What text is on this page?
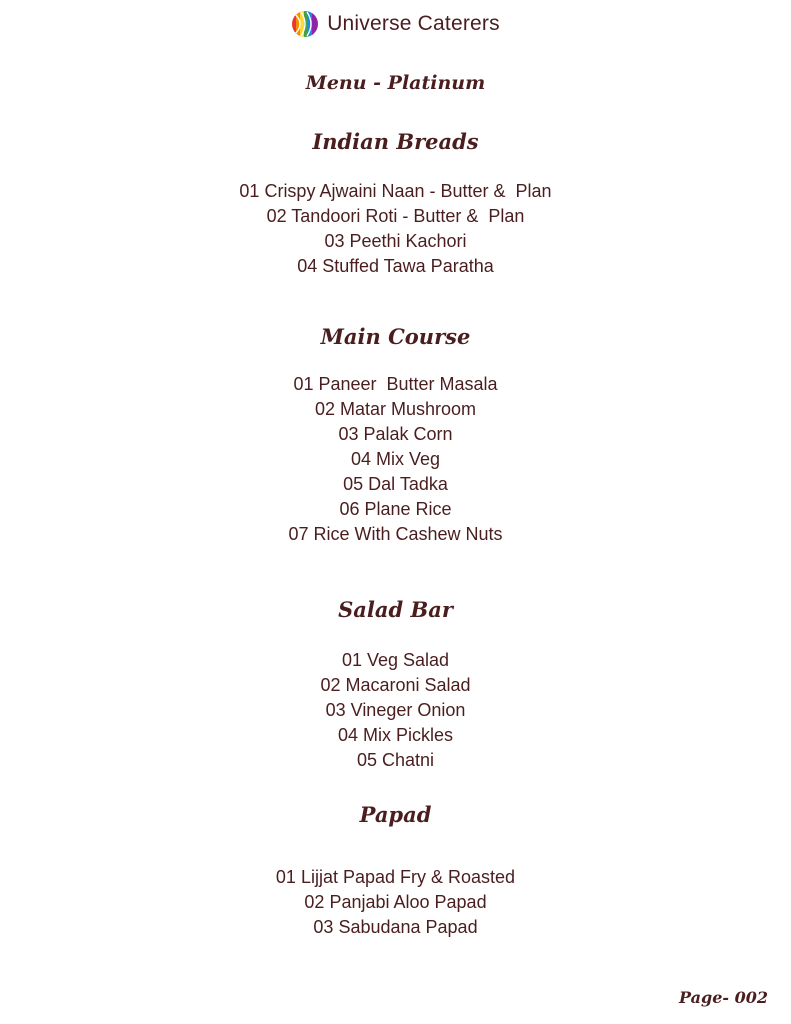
Universe Caterers
Menu - Platinum
Indian Breads
01 Crispy Ajwaini Naan - Butter &  Plan
02 Tandoori Roti - Butter &  Plan
03 Peethi Kachori
04 Stuffed Tawa Paratha
Main Course
01 Paneer  Butter Masala
02 Matar Mushroom
03 Palak Corn
04 Mix Veg
05 Dal Tadka
06 Plane Rice
07 Rice With Cashew Nuts
Salad Bar
01 Veg Salad
02 Macaroni Salad
03 Vineger Onion
04 Mix Pickles
05 Chatni
Papad
01 Lijjat Papad Fry & Roasted
02 Panjabi Aloo Papad
03 Sabudana Papad
Page- 002
